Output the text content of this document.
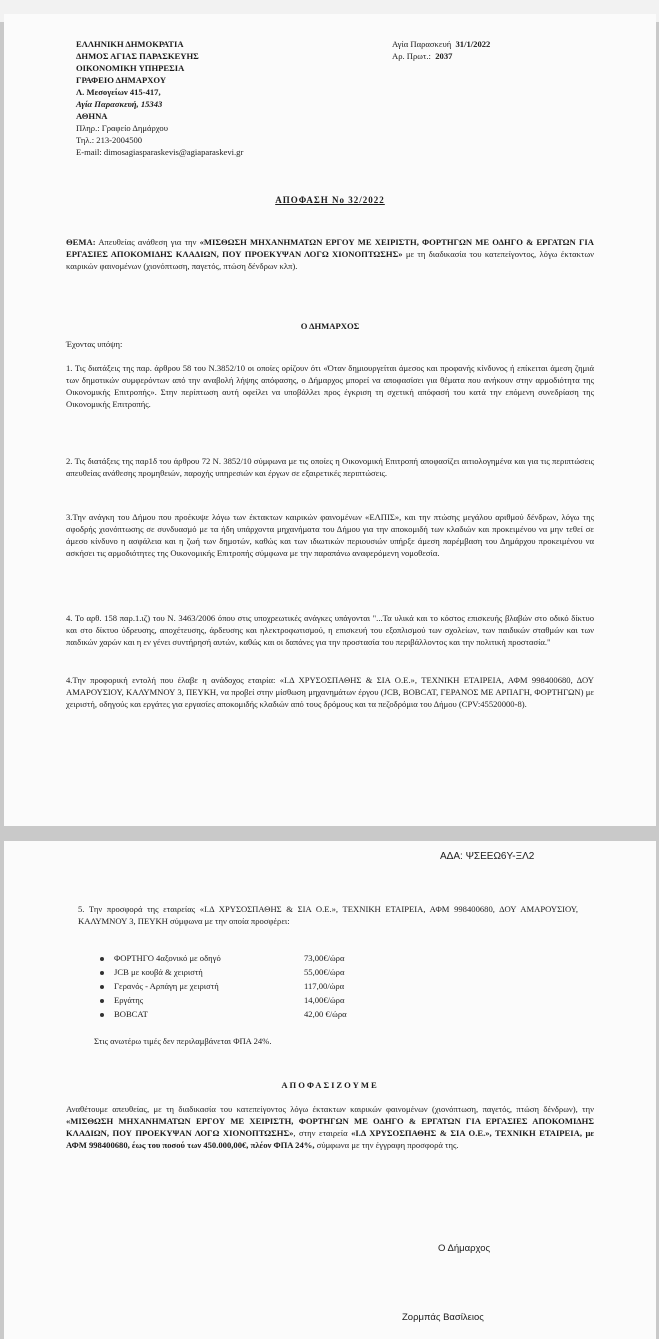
ΕΛΛΗΝΙΚΗ ΔΗΜΟΚΡΑΤΙΑ
ΔΗΜΟΣ ΑΓΙΑΣ ΠΑΡΑΣΚΕΥΗΣ
ΟΙΚΟΝΟΜΙΚΗ ΥΠΗΡΕΣΙΑ
ΓΡΑΦΕΙΟ ΔΗΜΑΡΧΟΥ
Λ. Μεσογείων 415-417,
Αγία Παρασκευή, 15343
ΑΘΗΝΑ
Πληρ.: Γραφείο Δημάρχου
Τηλ.: 213-2004500
E-mail: dimosagiasparaskevis@agiaparaskevi.gr
Αγία Παρασκευή 31/1/2022
Αρ. Πρωτ.: 2037
ΑΠΟΦΑΣΗ Νο 32/2022
ΘΕΜΑ: Απευθείας ανάθεση για την «ΜΙΣΘΩΣΗ ΜΗΧΑΝΗΜΑΤΩΝ ΕΡΓΟΥ ΜΕ ΧΕΙΡΙΣΤΗ, ΦΟΡΤΗΓΩΝ ΜΕ ΟΔΗΓΟ & ΕΡΓΑΤΩΝ ΓΙΑ ΕΡΓΑΣΙΕΣ ΑΠΟΚΟΜΙΔΗΣ ΚΛΑΔΙΩΝ, ΠΟΥ ΠΡΟΕΚΥΨΑΝ ΛΟΓΩ ΧΙΟΝΟΠΤΩΣΗΣ» με τη διαδικασία του κατεπείγοντος, λόγω έκτακτων καιρικών φαινομένων (χιονόπτωση, παγετός, πτώση δένδρων κλπ).
Ο ΔΗΜΑΡΧΟΣ
Έχοντας υπόψη:
1. Τις διατάξεις της παρ. άρθρου 58 του Ν.3852/10 οι οποίες ορίζουν ότι «Όταν δημιουργείται άμεσος και προφανής κίνδυνος ή επίκειται άμεση ζημιά των δημοτικών συμφερόντων από την αναβολή λήψης απόφασης, ο Δήμαρχος μπορεί να αποφασίσει για θέματα που ανήκουν στην αρμοδιότητα της Οικονομικής Επιτροπής». Στην περίπτωση αυτή οφείλει να υποβάλλει προς έγκριση τη σχετική απόφασή του κατά την επόμενη συνεδρίαση της Οικονομικής Επιτροπής.
2. Τις διατάξεις της παρ1δ του άρθρου 72 Ν. 3852/10 σύμφωνα με τις οποίες η Οικονομική Επιτροπή αποφασίζει αιτιολογημένα και για τις περιπτώσεις απευθείας ανάθεσης προμηθειών, παροχής υπηρεσιών και έργων σε εξαιρετικές περιπτώσεις.
3.Την ανάγκη του Δήμου που προέκυψε λόγω των έκτακτων καιρικών φαινομένων «ΕΛΠΙΣ», και την πτώσης μεγάλου αριθμού δένδρων, λόγω της σφοδρής χιονόπτωσης σε συνδυασμό με τα ήδη υπάρχοντα μηχανήματα του Δήμου για την αποκομιδή των κλαδιών και προκειμένου να μην τεθεί σε άμεσο κίνδυνο η ασφάλεια και η ζωή των δημοτών, καθώς και των ιδιωτικών περιουσιών υπήρξε άμεση παρέμβαση του Δημάρχου προκειμένου να ασκήσει τις αρμοδιότητες της Οικονομικής Επιτροπής σύμφωνα με την παραπάνω αναφερόμενη νομοθεσία.
4. Το αρθ. 158 παρ.1.ιζ) του Ν. 3463/2006 όπου στις υποχρεωτικές ανάγκες υπάγονται "...Τα υλικά και το κόστος επισκευής βλαβών στο οδικό δίκτυο και στο δίκτυο ύδρευσης, αποχέτευσης, άρδευσης και ηλεκτροφωτισμού, η επισκευή του εξοπλισμού των σχολείων, των παιδικών σταθμών και των παιδικών χαρών και η εν γένει συντήρησή αυτών, καθώς και οι δαπάνες για την προστασία του περιβάλλοντος και την πολιτική προστασία."
4.Την προφορική εντολή που έλαβε η ανάδοχος εταιρία: «Ι.Δ ΧΡΥΣΟΣΠΑΘΗΣ & ΣΙΑ Ο.Ε.», ΤΕΧΝΙΚΗ ΕΤΑΙΡΕΙΑ, ΑΦΜ 998400680, ΔΟΥ ΑΜΑΡΟΥΣΙΟΥ, ΚΑΛΥΜΝΟΥ 3, ΠΕΥΚΗ, να προβεί στην μίσθωση μηχανημάτων έργου (JCB, BOBCAT, ΓΕΡΑΝΟΣ ΜΕ ΑΡΠΑΓΗ, ΦΟΡΤΗΓΩΝ) με χειριστή, οδηγούς και εργάτες για εργασίες αποκομιδής κλαδιών από τους δρόμους και τα πεζοδρόμια του Δήμου (CPV:45520000-8).
ΑΔΑ: ΨΣΕΕΩ6Υ-ΞΛ2
5. Την προσφορά της εταιρείας «Ι.Δ ΧΡΥΣΟΣΠΑΘΗΣ & ΣΙΑ Ο.Ε.», ΤΕΧΝΙΚΗ ΕΤΑΙΡΕΙΑ, ΑΦΜ 998400680, ΔΟΥ ΑΜΑΡΟΥΣΙΟΥ, ΚΑΛΥΜΝΟΥ 3, ΠΕΥΚΗ σύμφωνα με την οποία προσφέρει:
ΦΟΡΤΗΓΟ 4αξονικό με οδηγό	73,00€/ώρα
JCB με κουβά & χειριστή	55,00€/ώρα
Γερανός - Αρπάγη με χειριστή	117,00/ώρα
Εργάτης	14,00€/ώρα
BOBCAT	42,00 €/ώρα
Στις ανωτέρω τιμές δεν περιλαμβάνεται ΦΠΑ 24%.
ΑΠΟΦΑΣΙΖΟΥΜΕ
Αναθέτουμε απευθείας, με τη διαδικασία του κατεπείγοντος λόγω έκτακτων καιρικών φαινομένων (χιονόπτωση, παγετός, πτώση δένδρων), την «ΜΙΣΘΩΣΗ ΜΗΧΑΝΗΜΑΤΩΝ ΕΡΓΟΥ ΜΕ ΧΕΙΡΙΣΤΗ, ΦΟΡΤΗΓΩΝ ΜΕ ΟΔΗΓΟ & ΕΡΓΑΤΩΝ ΓΙΑ ΕΡΓΑΣΙΕΣ ΑΠΟΚΟΜΙΔΗΣ ΚΛΑΔΙΩΝ, ΠΟΥ ΠΡΟΕΚΥΨΑΝ ΛΟΓΩ ΧΙΟΝΟΠΤΩΣΗΣ», στην εταιρεία «Ι.Δ ΧΡΥΣΟΣΠΑΘΗΣ & ΣΙΑ Ο.Ε.», ΤΕΧΝΙΚΗ ΕΤΑΙΡΕΙΑ, με ΑΦΜ 998400680, έως του ποσού των 450.000,00€, πλέον ΦΠΑ 24%, σύμφωνα με την έγγραφη προσφορά της.
Ο Δήμαρχος
Ζορμπάς Βασίλειος
